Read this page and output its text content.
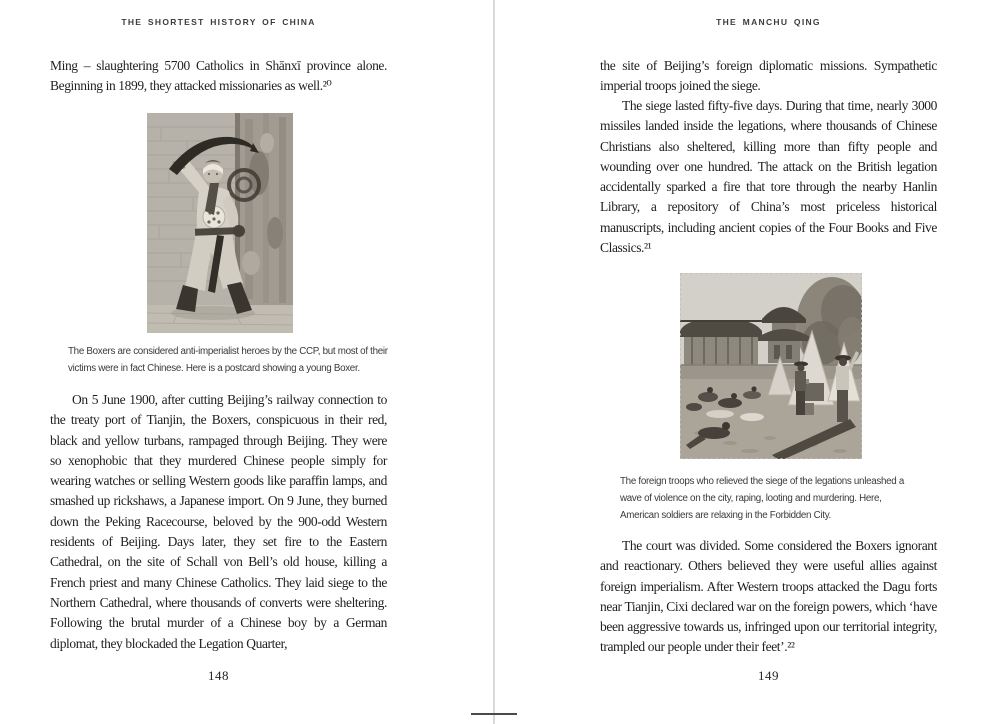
THE SHORTEST HISTORY OF CHINA

Ming – slaughtering 5700 Catholics in Shānxī province alone. Beginning in 1899, they attacked missionaries as well.²⁰

The Boxers are considered anti-imperialist heroes by the CCP, but most of their victims were in fact Chinese. Here is a postcard showing a young Boxer.

On 5 June 1900, after cutting Beijing’s railway connection to the treaty port of Tianjin, the Boxers, conspicuous in their red, black and yellow turbans, rampaged through Beijing. They were so xenophobic that they murdered Chinese people simply for wearing watches or selling Western goods like paraffin lamps, and smashed up rickshaws, a Japanese import. On 9 June, they burned down the Peking Racecourse, beloved by the 900-odd Western residents of Beijing. Days later, they set fire to the Eastern Cathedral, on the site of Schall von Bell’s old house, killing a French priest and many Chinese Catholics. They laid siege to the Northern Cathedral, where thousands of converts were sheltering. Following the brutal murder of a Chinese boy by a German diplomat, they blockaded the Legation Quarter,

148
THE MANCHU QING

the site of Beijing’s foreign diplomatic missions. Sympathetic imperial troops joined the siege.

The siege lasted fifty-five days. During that time, nearly 3000 missiles landed inside the legations, where thousands of Chinese Christians also sheltered, killing more than fifty people and wounding over one hundred. The attack on the British legation accidentally sparked a fire that tore through the nearby Hanlin Library, a repository of China’s most priceless historical manuscripts, including ancient copies of the Four Books and Five Classics.²¹

The foreign troops who relieved the siege of the legations unleashed a wave of violence on the city, raping, looting and murdering. Here, American soldiers are relaxing in the Forbidden City.

The court was divided. Some considered the Boxers ignorant and reactionary. Others believed they were useful allies against foreign imperialism. After Western troops attacked the Dagu forts near Tianjin, Cixi declared war on the foreign powers, which ‘have been aggressive towards us, infringed upon our territorial integrity, trampled our people under their feet’.²²

149
